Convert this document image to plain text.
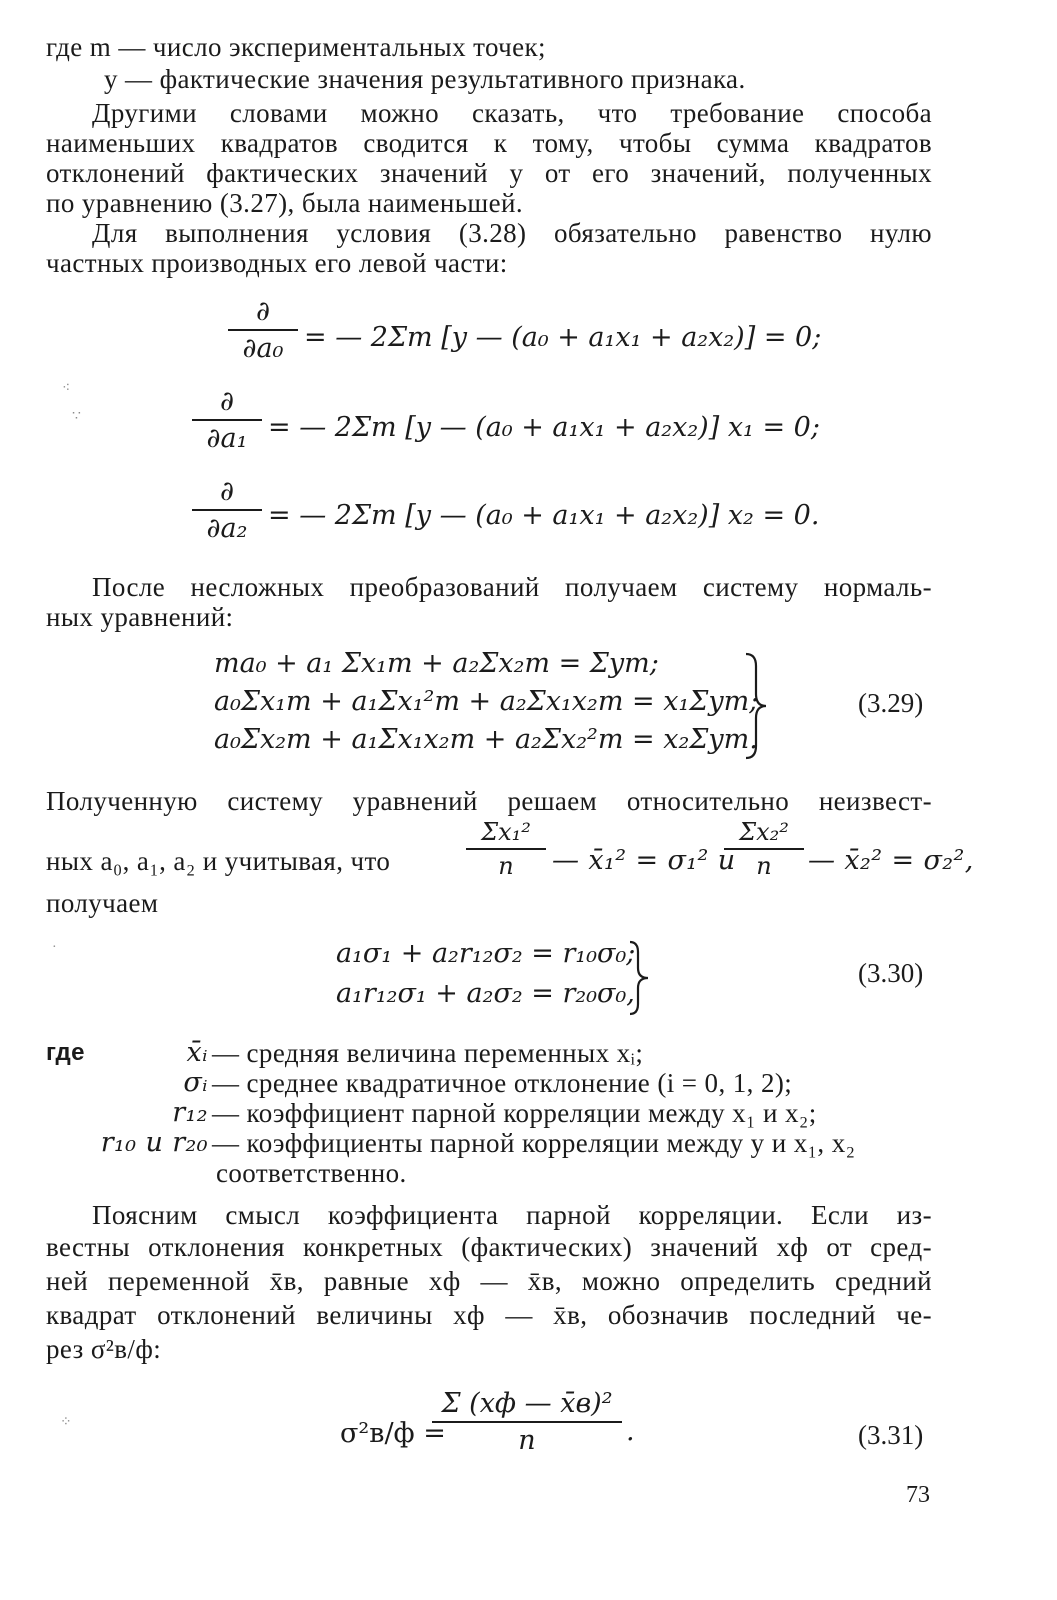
где m — число экспериментальных точек;
y — фактические значения результативного признака.
Другими словами можно сказать, что требование способа
наименьших квадратов сводится к тому, чтобы сумма квадратов
отклонений фактических значений y от его значений, полученных
по уравнению (3.27), была наименьшей.
Для выполнения условия (3.28) обязательно равенство нулю
частных производных его левой части:
∂
∂a₀ = — 2Σm [y — (a₀ + a₁x₁ + a₂x₂)] = 0;
∂
∂a₁ = — 2Σm [y — (a₀ + a₁x₁ + a₂x₂)] x₁ = 0;
∂
∂a₂ = — 2Σm [y — (a₀ + a₁x₁ + a₂x₂)] x₂ = 0.
После несложных преобразований получаем систему нормаль-
ных уравнений:
ma₀ + a₁ Σx₁m + a₂Σx₂m = Σym;
a₀Σx₁m + a₁Σx₁²m + a₂Σx₁x₂m = x₁Σym;
a₀Σx₂m + a₁Σx₁x₂m + a₂Σx₂²m = x₂Σym.
(3.29)
Полученную систему уравнений решаем относительно неизвест-
ных a₀, a₁, a₂ и учитывая, что	$\frac{\text{Σx₁²}}{n}$ — x̄₁² = σ₁² и
$\frac{\text{Σx₂²}}{n}$ — x̄₂² = σ₂²,
получаем
a₁σ₁ + a₂r₁₂σ₂ = r₁₀σ₀;
a₁r₁₂σ₁ + a₂σ₂ = r₂₀σ₀,
(3.30)
где	x̄ᵢ — средняя величина переменных xᵢ;
σᵢ — среднее квадратичное отклонение (i = 0, 1, 2);
r₁₂ — коэффициент парной корреляции между x₁ и x₂;
r₁₀ и r₂₀ — коэффициенты парной корреляции между y и x₁, x₂
соответственно.
Поясним смысл коэффициента парной корреляции. Если из-
вестны отклонения конкретных (фактических) значений xф от сред-
ней переменной x̄в, равные xф — x̄в, можно определить средний
квадрат отклонений величины xф — x̄в, обозначив последний че-
рез σ²в/ф:
σ²в/ф =
Σ (xф — x̄в)²
n	.	(3.31)
73
⁖
∵
⁘
·
